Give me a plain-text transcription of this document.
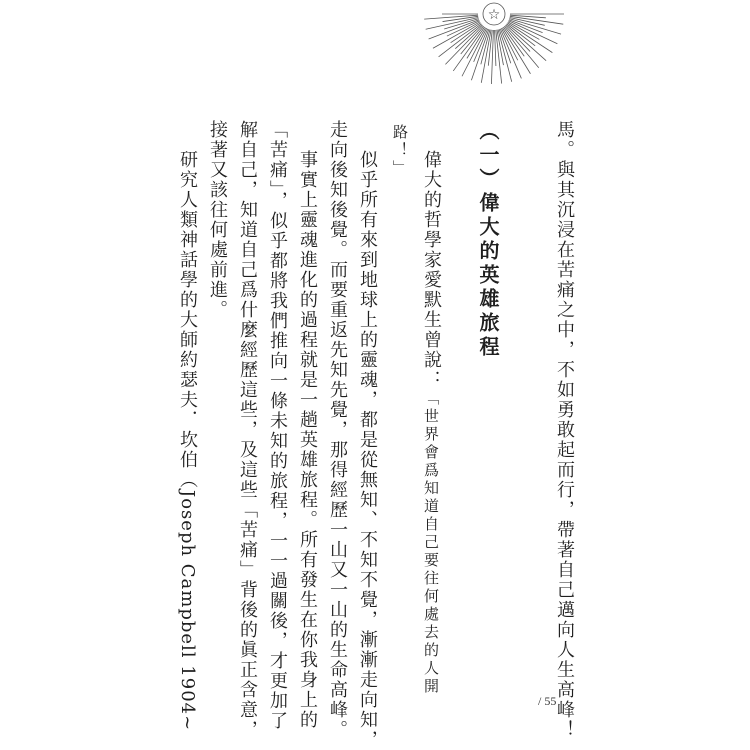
☆
馬。與其沉浸在苦痛之中，不如勇敢起而行，帶著自己邁向人生高峰！
（一）偉大的英雄旅程
偉大的哲學家愛默生曾說：「世界會爲知道自己要往何處去的人開
路！」
似乎所有來到地球上的靈魂，都是從無知、不知不覺，漸漸走向知，
走向後知後覺。而要重返先知先覺，那得經歷一山又一山的生命高峰。
事實上靈魂進化的過程就是一趟英雄旅程。所有發生在你我身上的
「苦痛」，似乎都將我們推向一條未知的旅程，一一過關後，才更加了
解自己，知道自己爲什麼經歷這些，及這些「苦痛」背後的眞正含意，
接著又該往何處前進。
研究人類神話學的大師約瑟夫．坎伯（Joseph Campbell 1904~	/ 55
